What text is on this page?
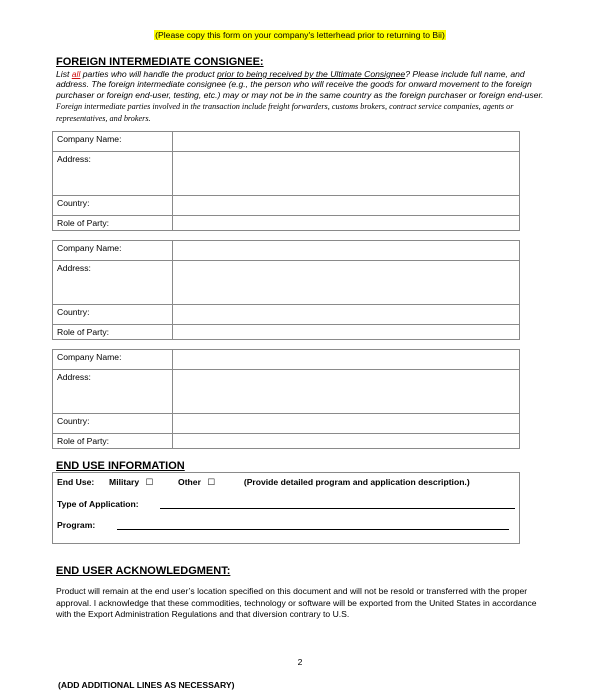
(Please copy this form on your company's letterhead prior to returning to Bii)
FOREIGN INTERMEDIATE CONSIGNEE:
List all parties who will handle the product prior to being received by the Ultimate Consignee? Please include full name, and address. The foreign intermediate consignee (e.g., the person who will receive the goods for onward movement to the foreign purchaser or foreign end-user, testing, etc.) may or may not be in the same country as the foreign purchaser or foreign end-user. Foreign intermediate parties involved in the transaction include freight forwarders, customs brokers, contract service companies, agents or representatives, and brokers.
Company Name:	
Address:	
Country:	
Role of Party:	
Company Name:	
Address:	
Country:	
Role of Party:	
Company Name:	
Address:	
Country:	
Role of Party:	
END USE INFORMATION
End Use: Military ☐	Other ☐	(Provide detailed program and application description.)
Type of Application:
Program:
END USER ACKNOWLEDGMENT:
Product will remain at the end user’s location specified on this document and will not be resold or transferred with the proper approval. I acknowledge that these commodities, technology or software will be exported from the United States in accordance with the Export Administration Regulations and that diversion contrary to U.S.
2
(ADD ADDITIONAL LINES AS NECESSARY)
